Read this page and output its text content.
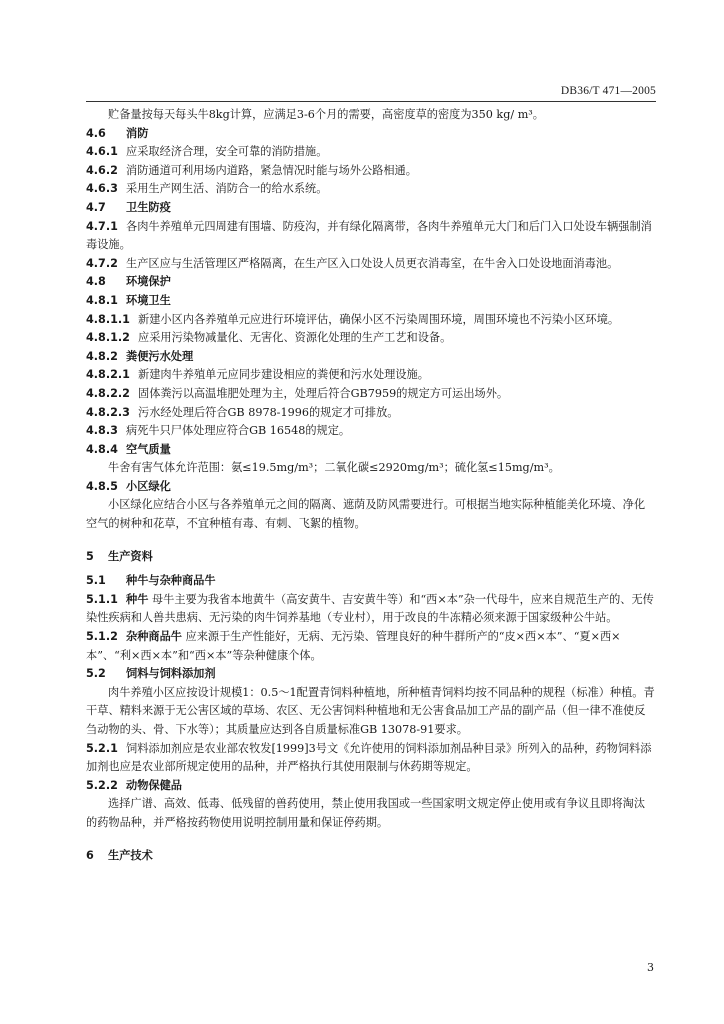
DB36/T 471—2005
贮备量按每天每头牛8kg计算，应满足3-6个月的需要，高密度草的密度为350 kg/ m³。
4.6 消防
4.6.1 应采取经济合理，安全可靠的消防措施。
4.6.2 消防通道可利用场内道路，紧急情况时能与场外公路相通。
4.6.3 采用生产网生活、消防合一的给水系统。
4.7 卫生防疫
4.7.1 各肉牛养殖单元四周建有围墙、防疫沟，并有绿化隔离带，各肉牛养殖单元大门和后门入口处设车辆强制消毒设施。
4.7.2 生产区应与生活管理区严格隔离，在生产区入口处设人员更衣消毒室，在牛舍入口处设地面消毒池。
4.8 环境保护
4.8.1 环境卫生
4.8.1.1 新建小区内各养殖单元应进行环境评估，确保小区不污染周围环境，周围环境也不污染小区环境。
4.8.1.2 应采用污染物减量化、无害化、资源化处理的生产工艺和设备。
4.8.2 粪便污水处理
4.8.2.1 新建肉牛养殖单元应同步建设相应的粪便和污水处理设施。
4.8.2.2 固体粪污以高温堆肥处理为主，处理后符合GB7959的规定方可运出场外。
4.8.2.3 污水经处理后符合GB 8978-1996的规定才可排放。
4.8.3 病死牛只尸体处理应符合GB 16548的规定。
4.8.4 空气质量
牛舍有害气体允许范围：氨≤19.5mg/m³；二氧化碳≤2920mg/m³；硫化氢≤15mg/m³。
4.8.5 小区绿化
小区绿化应结合小区与各养殖单元之间的隔离、遮荫及防风需要进行。可根据当地实际种植能美化环境、净化空气的树种和花草，不宜种植有毒、有刺、飞絮的植物。
5 生产资料
5.1 种牛与杂种商品牛
5.1.1 种牛 母牛主要为我省本地黄牛（高安黄牛、吉安黄牛等）和“西×本”杂一代母牛，应来自规范生产的、无传染性疾病和人兽共患病、无污染的肉牛饲养基地（专业村），用于改良的牛冻精必须来源于国家级种公牛站。
5.1.2 杂种商品牛 应来源于生产性能好，无病、无污染、管理良好的种牛群所产的“皮×西×本”、“夏×西×本”、“利×西×本”和“西×本”等杂种健康个体。
5.2 饲料与饲料添加剂
肉牛养殖小区应按设计规模1：0.5～1配置青饲料种植地，所种植青饲料均按不同品种的规程（标准）种植。青干草、精料来源于无公害区域的草场、农区、无公害饲料种植地和无公害食品加工产品的副产品（但一律不准使反刍动物的头、骨、下水等）；其质量应达到各自质量标准GB 13078-91要求。
5.2.1 饲料添加剂应是农业部农牧发[1999]3号文《允许使用的饲料添加剂品种目录》所列入的品种，药物饲料添加剂也应是农业部所规定使用的品种，并严格执行其使用限制与休药期等规定。
5.2.2 动物保健品
选择广谱、高效、低毒、低残留的兽药使用，禁止使用我国或一些国家明文规定停止使用或有争议且即将淘汰的药物品种，并严格按药物使用说明控制用量和保证停药期。
6 生产技术
3
